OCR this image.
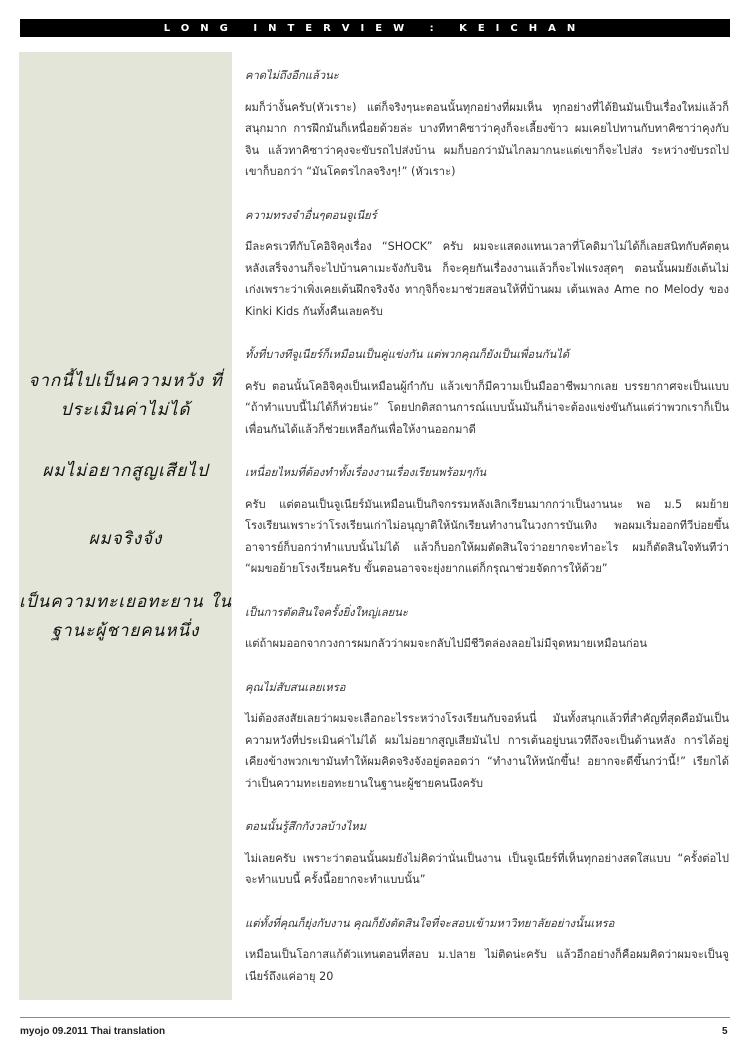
LONG INTERVIEW : KEICHAN
จากนี้ไปเป็นความหวัง ที่ประเมินค่าไม่ได้
ผมไม่อยากสูญเสียไป
ผมจริงจัง
เป็นความทะเยอทะยาน ในฐานะผู้ชายคนหนึ่ง

คาดไม่ถึงอีกแล้วนะ

ผมก็ว่างั้นครับ(หัวเราะ) แต่ก็จริงๆนะตอนนั้นทุกอย่างที่ผมเห็น ทุกอย่างที่ได้ยินมันเป็นเรื่องใหม่แล้วก็สนุกมาก การฝึกมันก็เหนื่อยด้วยล่ะ บางทีทาคิซาว่าคุงก็จะเลี้ยงข้าว ผมเคยไปทานกับทาคิซาว่าคุงกับจิน แล้วทาคิซาว่าคุงจะขับรถไปส่งบ้าน ผมก็บอกว่ามันไกลมากนะแต่เขาก็จะไปส่ง ระหว่างขับรถไปเขาก็บอกว่า “มันโคตรไกลจริงๆ!” (หัวเราะ)

ความทรงจำอื่นๆตอนจูเนียร์

มีละครเวทีกับโคอิจิคุงเรื่อง “SHOCK” ครับ ผมจะแสดงแทนเวลาที่โคดิมาไม่ได้ก็เลยสนิทกับคัตตุน หลังเสร็จงานก็จะไปบ้านคาเมะจังกับจิน ก็จะคุยกันเรื่องงานแล้วก็จะไฟแรงสุดๆ ตอนนั้นผมยังเต้นไม่เก่งเพราะว่าเพิ่งเคยเต้นฝึกจริงจัง ทากุจิก็จะมาช่วยสอนให้ที่บ้านผม เต้นเพลง Ame no Melody ของ Kinki Kids กันทั้งคืนเลยครับ

ทั้งที่บางทีจูเนียร์ก็เหมือนเป็นคู่แข่งกัน แต่พวกคุณก็ยังเป็นเพื่อนกันได้

ครับ ตอนนั้นโคอิจิคุงเป็นเหมือนผู้กำกับ แล้วเขาก็มีความเป็นมืออาชีพมากเลย บรรยากาศจะเป็นแบบ “ถ้าทำแบบนี้ไม่ได้ก็ห่วยน่ะ” โดยปกติสถานการณ์แบบนั้นมันก็น่าจะต้องแข่งขันกันแต่ว่าพวกเราก็เป็นเพื่อนกันได้แล้วก็ช่วยเหลือกันเพื่อให้งานออกมาดี

เหนื่อยไหมที่ต้องทำทั้งเรื่องงานเรื่องเรียนพร้อมๆกัน

ครับ แต่ตอนเป็นจูเนียร์มันเหมือนเป็นกิจกรรมหลังเลิกเรียนมากกว่าเป็นงานนะ พอ ม.5 ผมย้ายโรงเรียนเพราะว่าโรงเรียนเก่าไม่อนุญาติให้นักเรียนทำงานในวงการบันเทิง พอผมเริ่มออกทีวีบ่อยขึ้นอาจารย์ก็บอกว่าทำแบบนั้นไม่ได้ แล้วก็บอกให้ผมตัดสินใจว่าอยากจะทำอะไร ผมก็ตัดสินใจทันทีว่า “ผมขอย้ายโรงเรียนครับ ขั้นตอนอาจจะยุ่งยากแต่ก็กรุณาช่วยจัดการให้ด้วย”

เป็นการตัดสินใจครั้งยิ่งใหญ่เลยนะ

แต่ถ้าผมออกจากวงการผมกลัวว่าผมจะกลับไปมีชีวิตล่องลอยไม่มีจุดหมายเหมือนก่อน

คุณไม่สับสนเลยเหรอ

ไม่ต้องสงสัยเลยว่าผมจะเลือกอะไรระหว่างโรงเรียนกับจอห์นนี่ มันทั้งสนุกแล้วที่สำคัญที่สุดคือมันเป็นความหวังที่ประเมินค่าไม่ได้ ผมไม่อยากสูญเสียมันไป การเต้นอยู่บนเวทีถึงจะเป็นด้านหลัง การได้อยู่เคียงข้างพวกเขามันทำให้ผมคิดจริงจังอยู่ตลอดว่า “ทำงานให้หนักขึ้น! อยากจะดีขึ้นกว่านี้!” เรียกได้ว่าเป็นความทะเยอทะยานในฐานะผู้ชายคนนึงครับ

ตอนนั้นรู้สึกกังวลบ้างไหม

ไม่เลยครับ เพราะว่าตอนนั้นผมยังไม่คิดว่านั่นเป็นงาน เป็นจูเนียร์ที่เห็นทุกอย่างสดใสแบบ “ครั้งต่อไปจะทำแบบนี้ ครั้งนี้อยากจะทำแบบนั้น”

แต่ทั้งที่คุณก็ยุ่งกับงาน คุณก็ยังตัดสินใจที่จะสอบเข้ามหาวิทยาลัยอย่างนั้นเหรอ

เหมือนเป็นโอกาสแก้ตัวแทนตอนที่สอบ ม.ปลาย ไม่ติดน่ะครับ แล้วอีกอย่างก็คือผมคิดว่าผมจะเป็นจูเนียร์ถึงแค่อายุ 20

myojo 09.2011 Thai translation	5
